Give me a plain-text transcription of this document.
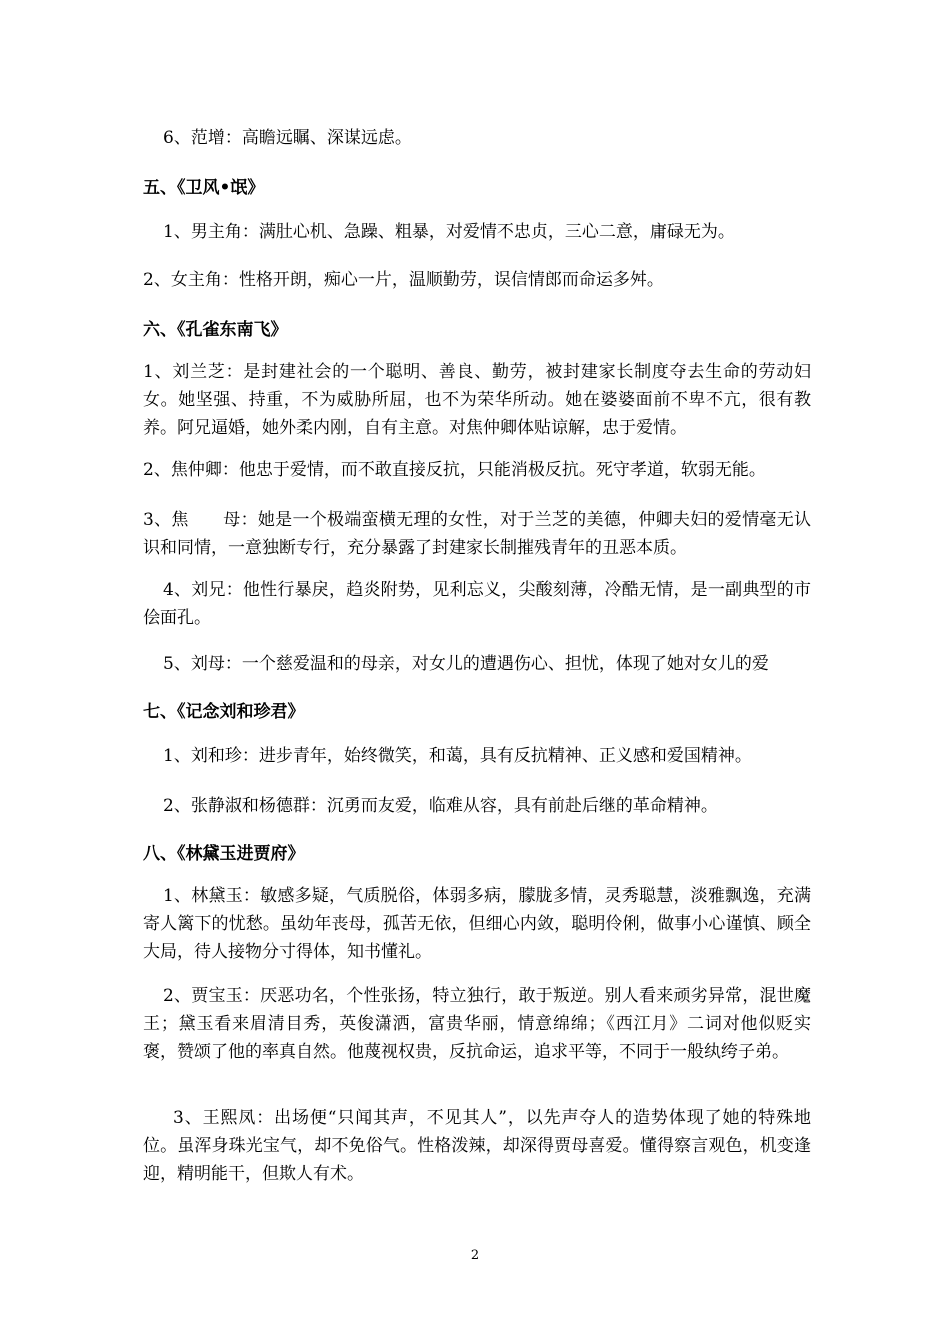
6、范增：高瞻远瞩、深谋远虑。

五、《卫风•氓》

1、男主角：满肚心机、急躁、粗暴，对爱情不忠贞，三心二意，庸碌无为。

2、女主角：性格开朗，痴心一片，温顺勤劳，误信情郎而命运多舛。

六、《孔雀东南飞》

1、刘兰芝：是封建社会的一个聪明、善良、勤劳，被封建家长制度夺去生命的劳动妇女。她坚强、持重，不为威胁所屈，也不为荣华所动。她在婆婆面前不卑不亢，很有教养。阿兄逼婚，她外柔内刚，自有主意。对焦仲卿体贴谅解，忠于爱情。

2、焦仲卿：他忠于爱情，而不敢直接反抗，只能消极反抗。死守孝道，软弱无能。

3、焦　　母：她是一个极端蛮横无理的女性，对于兰芝的美德，仲卿夫妇的爱情毫无认识和同情，一意独断专行，充分暴露了封建家长制摧残青年的丑恶本质。

4、刘兄：他性行暴戾，趋炎附势，见利忘义，尖酸刻薄，冷酷无情，是一副典型的市侩面孔。

5、刘母：一个慈爱温和的母亲，对女儿的遭遇伤心、担忧，体现了她对女儿的爱

七、《记念刘和珍君》

1、刘和珍：进步青年，始终微笑，和蔼，具有反抗精神、正义感和爱国精神。

2、张静淑和杨德群：沉勇而友爱，临难从容，具有前赴后继的革命精神。

八、《林黛玉进贾府》

1、林黛玉：敏感多疑，气质脱俗，体弱多病，朦胧多情，灵秀聪慧，淡雅飘逸，充满寄人篱下的忧愁。虽幼年丧母，孤苦无依，但细心内敛，聪明伶俐，做事小心谨慎、顾全大局，待人接物分寸得体，知书懂礼。

2、贾宝玉：厌恶功名，个性张扬，特立独行，敢于叛逆。别人看来顽劣异常，混世魔王；黛玉看来眉清目秀，英俊潇洒，富贵华丽，情意绵绵；《西江月》二词对他似贬实褒，赞颂了他的率真自然。他蔑视权贵，反抗命运，追求平等，不同于一般纨绔子弟。

3、王熙凤：出场便“只闻其声，不见其人”，以先声夺人的造势体现了她的特殊地位。虽浑身珠光宝气，却不免俗气。性格泼辣，却深得贾母喜爱。懂得察言观色，机变逢迎，精明能干，但欺人有术。

2
